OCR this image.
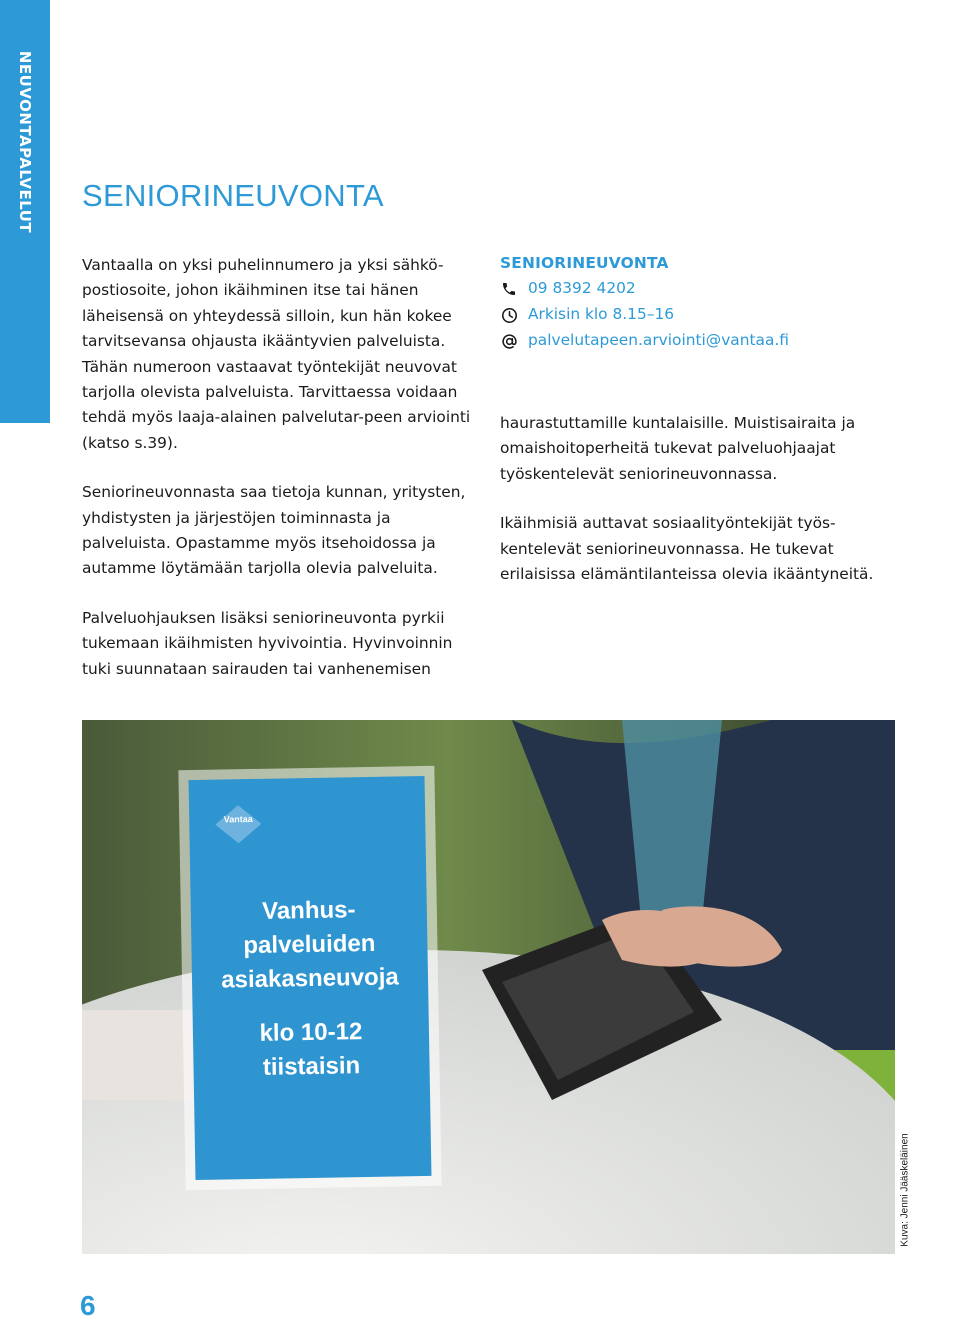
NEUVONTAPALVELUT SENIORINEUVONTA

Vantaalla on yksi puhelinnumero ja yksi sähkö-postiosoite, johon ikäihminen itse tai hänen läheisensä on yhteydessä silloin, kun hän kokee tarvitsevansa ohjausta ikääntyvien palveluista. Tähän numeroon vastaavat työntekijät neuvovat tarjolla olevista palveluista. Tarvittaessa voidaan tehdä myös laaja-alainen palvelutar-peen arviointi (katso s.39).

Seniorineuvonnasta saa tietoja kunnan, yritysten, yhdistysten ja järjestöjen toiminnasta ja palveluista. Opastamme myös itsehoidossa ja autamme löytämään tarjolla olevia palveluita.

Palveluohjauksen lisäksi seniorineuvonta pyrkii tukemaan ikäihmisten hyvivointia. Hyvinvoinnin tuki suunnataan sairauden tai vanhenemisen

SENIORINEUVONTA
09 8392 4202
Arkisin klo 8.15–16
palvelutapeen.arviointi@vantaa.fi

haurastuttamille kuntalaisille. Muistisairaita ja omaishoitoperheitä tukevat palveluohjaajat työskentelevät seniorineuvonnassa.

Ikäihmisiä auttavat sosiaalityöntekijät työs-kentelevät seniorineuvonnassa. He tukevat erilaisissa elämäntilanteissa olevia ikääntyneitä.

Vantaa
Vanhus-
palveluiden
asiakasneuvoja
klo 10-12
tiistaisin
Kuva: Jenni Jääskeläinen
6
